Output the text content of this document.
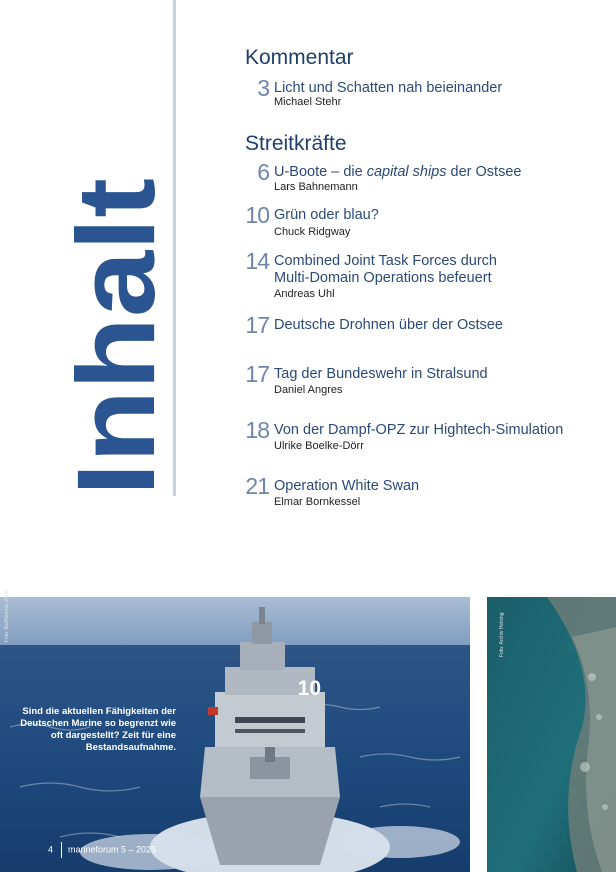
Inhalt
Kommentar
3 Licht und Schatten nah beieinander
Michael Stehr
Streitkräfte
6 U-Boote – die capital ships der Ostsee
Lars Bahnemann
10 Grün oder blau?
Chuck Ridgway
14 Combined Joint Task Forces durch Multi-Domain Operations befeuert
Andreas Uhl
17 Deutsche Drohnen über der Ostsee
17 Tag der Bundeswehr in Stralsund
Daniel Angres
18 Von der Dampf-OPZ zur Hightech-Simulation
Ulrike Boelke-Dörr
21 Operation White Swan
Elmar Bornkessel
Foto: Bw/Norman Weid
10
Sind die aktuellen Fähigkeiten der Deutschen Marine so begrenzt wie oft dargestellt? Zeit für eine Bestandsaufnahme.
Foto: Archiv Helsing
4 marineforum 5 – 2025
